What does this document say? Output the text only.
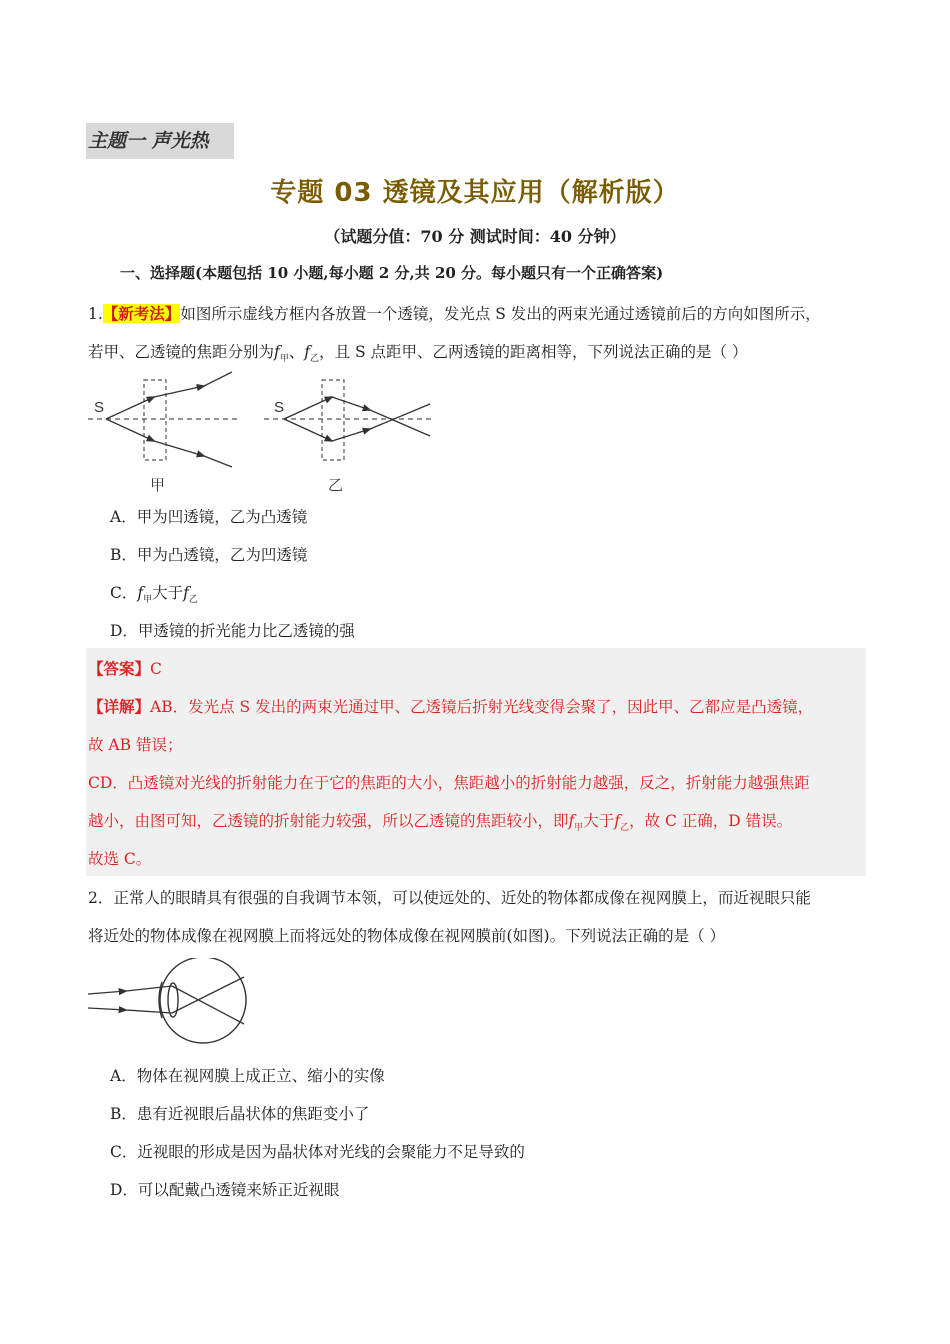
主题一 声光热
专题 03 透镜及其应用（解析版）
（试题分值：70 分 测试时间：40 分钟）
一、选择题(本题包括 10 小题,每小题 2 分,共 20 分。每小题只有一个正确答案)
1.【新考法】如图所示虚线方框内各放置一个透镜，发光点 S 发出的两束光通过透镜前后的方向如图所示，
若甲、乙透镜的焦距分别为$f_甲$、$f_乙$，且 S 点距甲、乙两透镜的距离相等，下列说法正确的是（ ）
S
甲
S
乙
A．甲为凹透镜，乙为凸透镜
B．甲为凸透镜，乙为凹透镜
C．$f_甲$大于$f_乙$
D．甲透镜的折光能力比乙透镜的强
【答案】C
【详解】AB．发光点 S 发出的两束光通过甲、乙透镜后折射光线变得会聚了，因此甲、乙都应是凸透镜，
故 AB 错误；
CD．凸透镜对光线的折射能力在于它的焦距的大小，焦距越小的折射能力越强，反之，折射能力越强焦距
越小，由图可知，乙透镜的折射能力较强，所以乙透镜的焦距较小，即$f_甲$大于$f_乙$，故 C 正确，D 错误。
故选 C。
2．正常人的眼睛具有很强的自我调节本领，可以使远处的、近处的物体都成像在视网膜上，而近视眼只能
将近处的物体成像在视网膜上而将远处的物体成像在视网膜前(如图)。下列说法正确的是（ ）
A．物体在视网膜上成正立、缩小的实像
B．患有近视眼后晶状体的焦距变小了
C．近视眼的形成是因为晶状体对光线的会聚能力不足导致的
D．可以配戴凸透镜来矫正近视眼
